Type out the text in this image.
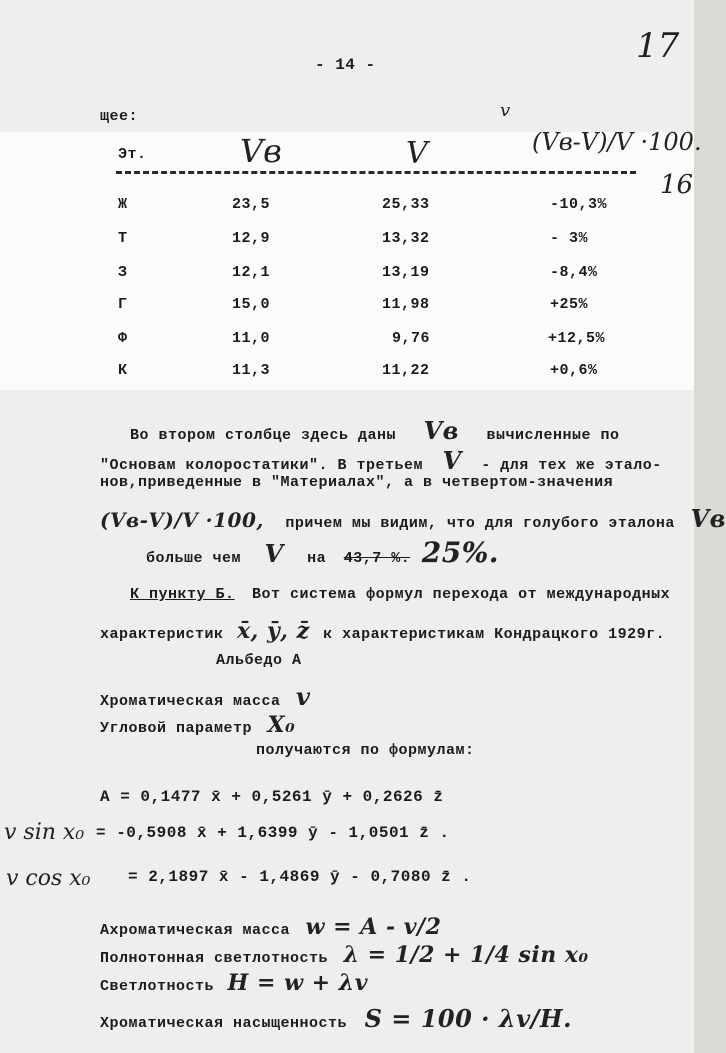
- 14 -	17
16
v
щее:
Эт.	Vв	V	(Vв-V)/V ·100.
Ж	23,5	25,33	-10,3%
Т	12,9	13,32	- 3%
З	12,1	13,19	-8,4%
Г	15,0	11,98	+25%
Ф	11,0	9,76	+12,5%
К	11,3	11,22	+0,6%
Во втором столбце здесь даны Vв вычисленные по
"Основам колоростатики". В третьем V - для тех же этало-
нов,приведенные в "Материалах", а в четвертом-значения
(Vв-V)/V ·100, причем мы видим, что для голубого эталона Vв
больше чем V на 43,7 %. 25%.
К пункту Б. Вот система формул перехода от международных
характеристик x̄, ȳ, z̄ к характеристикам Кондрацкого 1929г.
Альбедо А
Хроматическая масса v
Угловой параметр X₀
получаются по формулам:
A = 0,1477 x̄ + 0,5261 ȳ + 0,2626 z̄
v sin x₀ = -0,5908 x̄ + 1,6399 ȳ - 1,0501 z̄ .
v cos x₀ = 2,1897 x̄ - 1,4869 ȳ - 0,7080 z̄ .
Ахроматическая масса w = A - v/2
Полнотонная светлотность λ = 1/2 + 1/4 sin x₀
Светлотность H = w + λv
Хроматическая насыщенность S = 100 · λv/H.
